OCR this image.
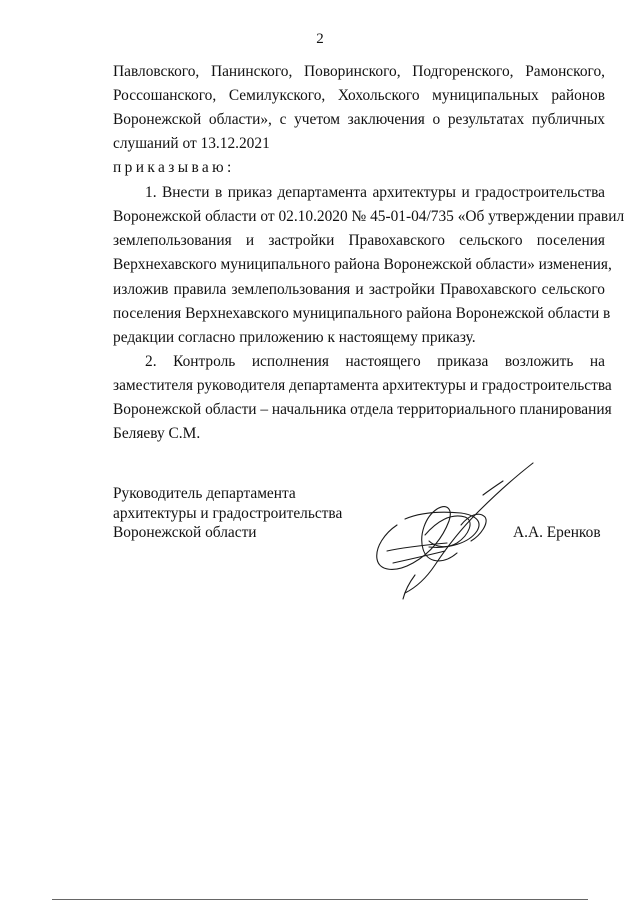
2
Павловского, Панинского, Поворинского, Подгоренского, Рамонского,
Россошанского, Семилукского, Хохольского муниципальных районов
Воронежской области», с учетом заключения о результатах публичных
слушаний от 13.12.2021
приказываю:
1. Внести в приказ департамента архитектуры и градостроительства
Воронежской области от 02.10.2020 № 45-01-04/735 «Об утверждении правил
землепользования и застройки Правохавского сельского поселения
Верхнехавского муниципального района Воронежской области» изменения,
изложив правила землепользования и застройки Правохавского сельского
поселения Верхнехавского муниципального района Воронежской области в
редакции согласно приложению к настоящему приказу.
2. Контроль исполнения настоящего приказа возложить на
заместителя руководителя департамента архитектуры и градостроительства
Воронежской области – начальника отдела территориального планирования
Беляеву С.М.
Руководитель департамента
архитектуры и градостроительства
Воронежской области	А.А. Еренков
